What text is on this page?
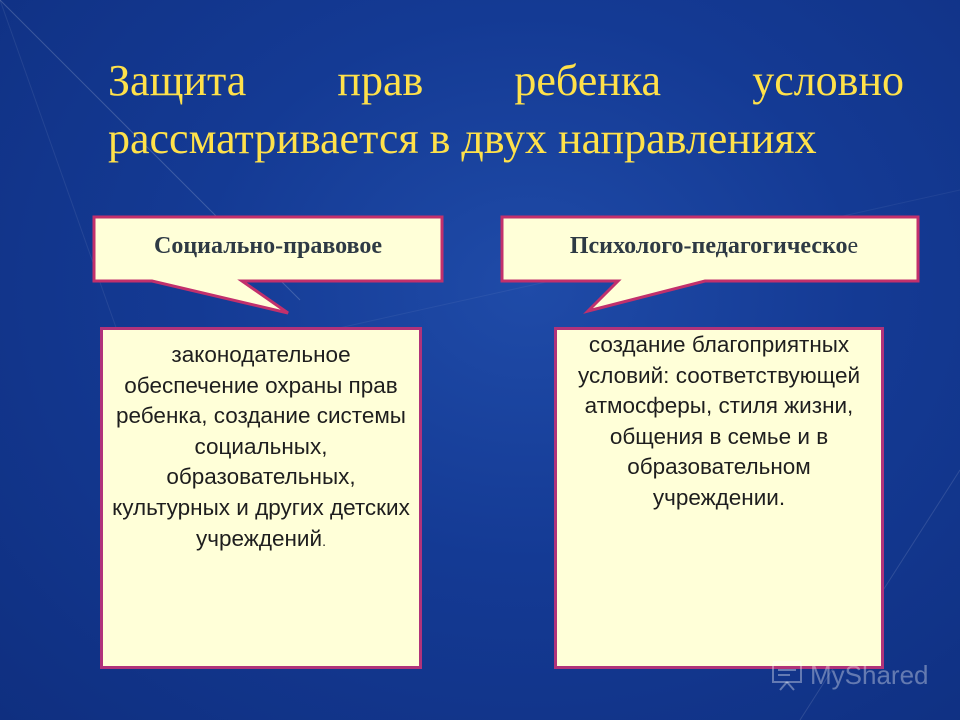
Защита прав ребенка условно рассматривается в двух направлениях
Социально-правовое	Психолого-педагогическое

законодательное обеспечение охраны прав ребенка, создание системы социальных, образовательных, культурных и других детских учреждений.

создание благоприятных условий: соответствующей атмосферы, стиля жизни, общения в семье и в образовательном учреждении.

MyShared
